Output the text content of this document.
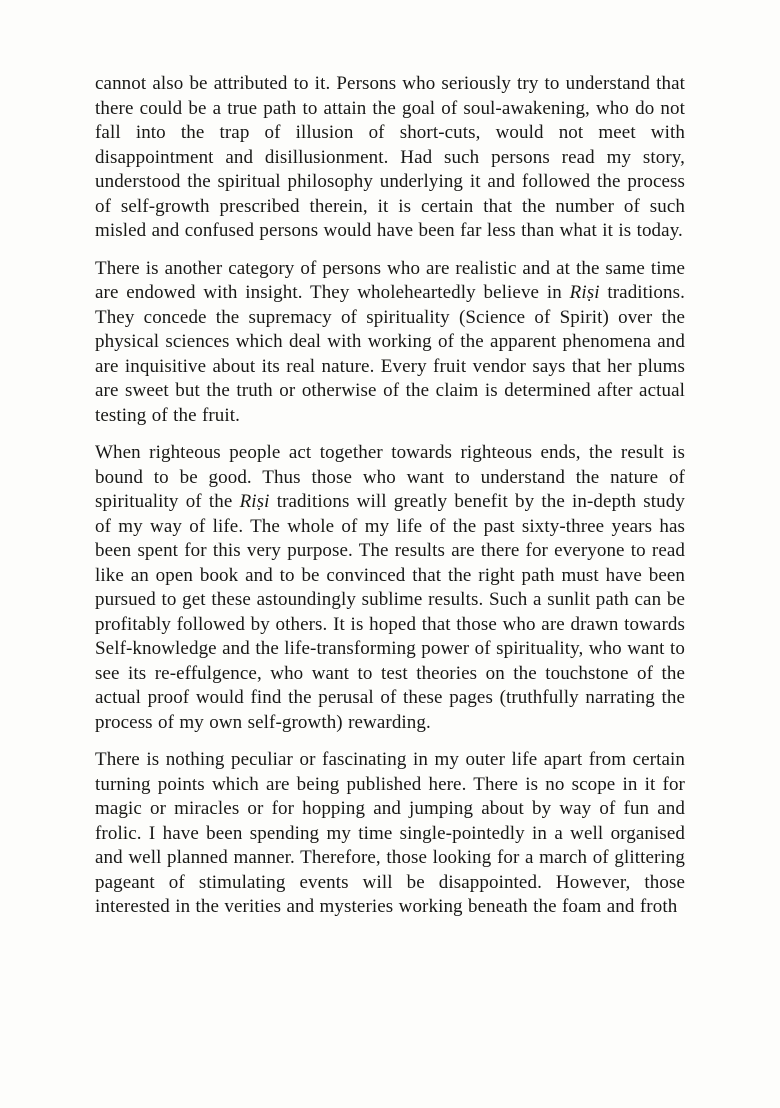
cannot also be attributed to it. Persons who seriously try to understand that there could be a true path to attain the goal of soul-awakening, who do not fall into the trap of illusion of short-cuts, would not meet with disappointment and disillusionment. Had such persons read my story, understood the spiritual philosophy underlying it and followed the process of self-growth prescribed therein, it is certain that the number of such misled and confused persons would have been far less than what it is today.

There is another category of persons who are realistic and at the same time are endowed with insight. They wholeheartedly believe in Riṣi traditions. They concede the supremacy of spirituality (Science of Spirit) over the physical sciences which deal with working of the apparent phenomena and are inquisitive about its real nature. Every fruit vendor says that her plums are sweet but the truth or otherwise of the claim is determined after actual testing of the fruit.

When righteous people act together towards righteous ends, the result is bound to be good. Thus those who want to understand the nature of spirituality of the Riṣi traditions will greatly benefit by the in-depth study of my way of life. The whole of my life of the past sixty-three years has been spent for this very purpose. The results are there for everyone to read like an open book and to be convinced that the right path must have been pursued to get these astoundingly sublime results. Such a sunlit path can be profitably followed by others. It is hoped that those who are drawn towards Self-knowledge and the life-transforming power of spirituality, who want to see its re-effulgence, who want to test theories on the touchstone of the actual proof would find the perusal of these pages (truthfully narrating the process of my own self-growth) rewarding.

There is nothing peculiar or fascinating in my outer life apart from certain turning points which are being published here. There is no scope in it for magic or miracles or for hopping and jumping about by way of fun and frolic. I have been spending my time single-pointedly in a well organised and well planned manner. Therefore, those looking for a march of glittering pageant of stimulating events will be disappointed. However, those interested in the verities and mysteries working beneath the foam and froth
